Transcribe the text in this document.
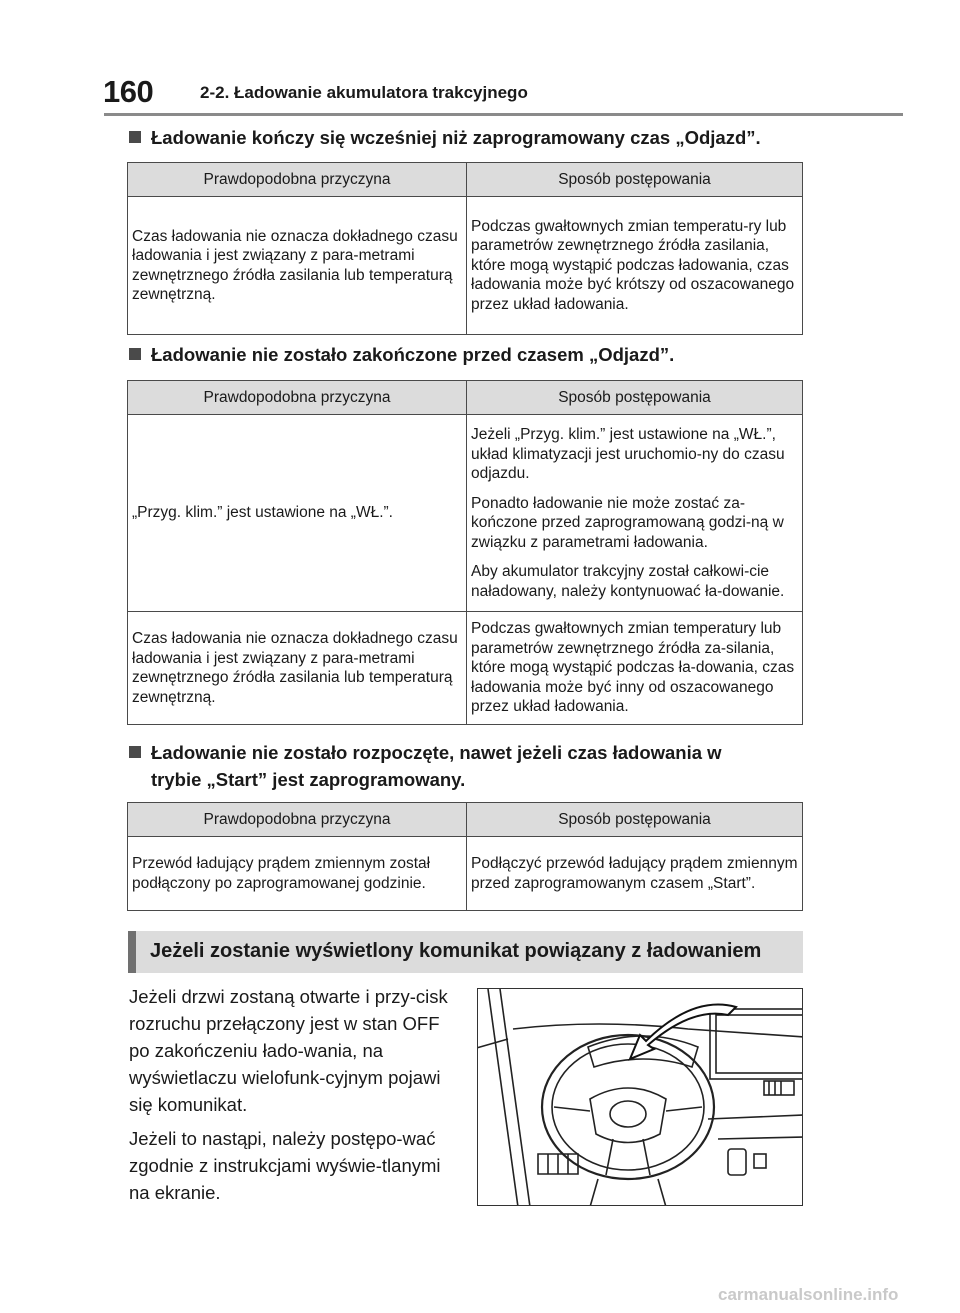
160	2-2. Ładowanie akumulatora trakcyjnego
Ładowanie kończy się wcześniej niż zaprogramowany czas „Odjazd”.
Prawdopodobna przyczyna	Sposób postępowania
Czas ładowania nie oznacza dokładnego czasu ładowania i jest związany z para-metrami zewnętrznego źródła zasilania lub temperaturą zewnętrzną.	Podczas gwałtownych zmian temperatu-ry lub parametrów zewnętrznego źródła zasilania, które mogą wystąpić podczas ładowania, czas ładowania może być krótszy od oszacowanego przez układ ładowania.

Ładowanie nie zostało zakończone przed czasem „Odjazd”.
Prawdopodobna przyczyna	Sposób postępowania
„Przyg. klim.” jest ustawione na „WŁ.”.	Jeżeli „Przyg. klim.” jest ustawione na „WŁ.”, układ klimatyzacji jest uruchomio-ny do czasu odjazdu.

Ponadto ładowanie nie może zostać za-kończone przed zaprogramowaną godzi-ną w związku z parametrami ładowania.

Aby akumulator trakcyjny został całkowi-cie naładowany, należy kontynuować ła-dowanie.

Czas ładowania nie oznacza dokładnego czasu ładowania i jest związany z para-metrami zewnętrznego źródła zasilania lub temperaturą zewnętrzną.	Podczas gwałtownych zmian temperatury lub parametrów zewnętrznego źródła za-silania, które mogą wystąpić podczas ła-dowania, czas ładowania może być inny od oszacowanego przez układ ładowania.

Ładowanie nie zostało rozpoczęte, nawet jeżeli czas ładowania w trybie „Start” jest zaprogramowany.
Prawdopodobna przyczyna	Sposób postępowania
Przewód ładujący prądem zmiennym został podłączony po zaprogramowanej godzinie.	Podłączyć przewód ładujący prądem zmiennym przed zaprogramowanym czasem „Start”.

Jeżeli zostanie wyświetlony komunikat powiązany z ładowaniem

Jeżeli drzwi zostaną otwarte i przy-cisk rozruchu przełączony jest w stan OFF po zakończeniu łado-wania, na wyświetlaczu wielofunk-cyjnym pojawi się komunikat.

Jeżeli to nastąpi, należy postępo-wać zgodnie z instrukcjami wyświe-tlanymi na ekranie.

carmanualsonline.info
